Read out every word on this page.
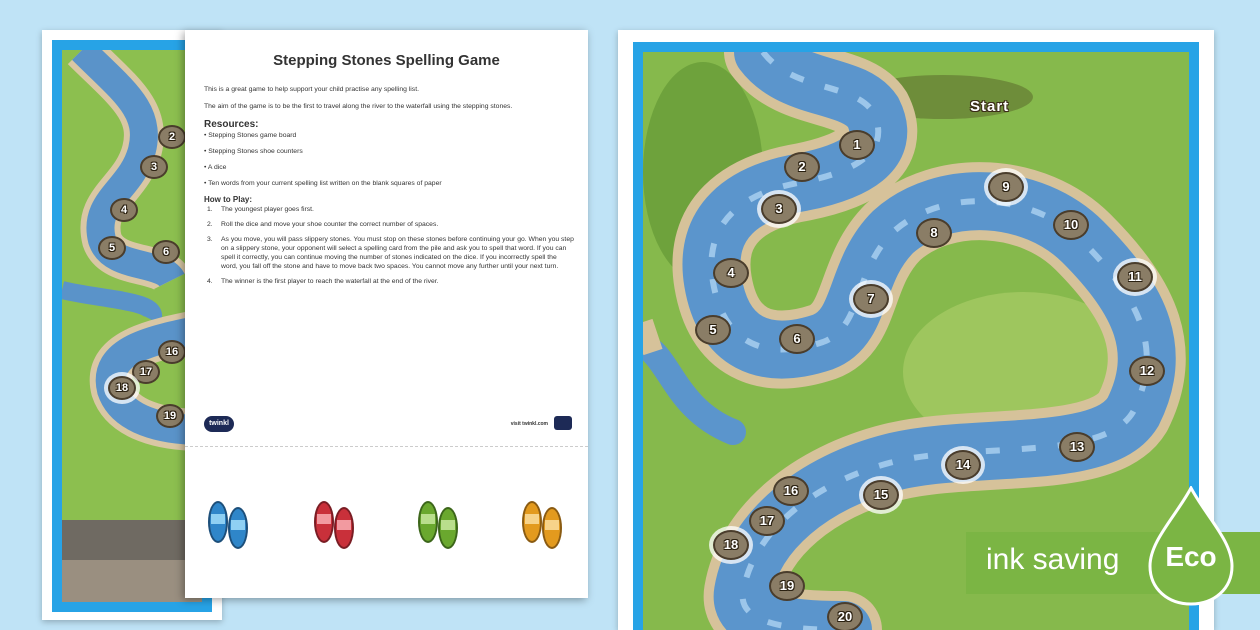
2
3
4
5	6
16
17
18
19
Stepping Stones Spelling Game

This is a great game to help support your child practise any spelling list.

The aim of the game is to be the first to travel along the river to the waterfall using the stepping stones.

Resources:
• Stepping Stones game board
• Stepping Stones shoe counters
• A dice
• Ten words from your current spelling list written on the blank squares of paper
How to Play:
1.	The youngest player goes first.
2.	Roll the dice and move your shoe counter the correct number of spaces.
3.	As you move, you will pass slippery stones. You must stop on these stones before continuing your go. When you step on a slippery stone, your opponent will select a spelling card from the pile and ask you to spell that word. If you can spell it correctly, you can continue moving the number of stones indicated on the dice. If you incorrectly spell the word, you fall off the stone and have to move back two spaces. You cannot move any further until your next turn.
4.	The winner is the first player to reach the waterfall at the end of the river.
twinkl	visit twinkl.com
Start
1
2
3
4
5
6
7
8
9
10
11
12
13
14
15
16
17
18
19
20
ink saving	Eco
